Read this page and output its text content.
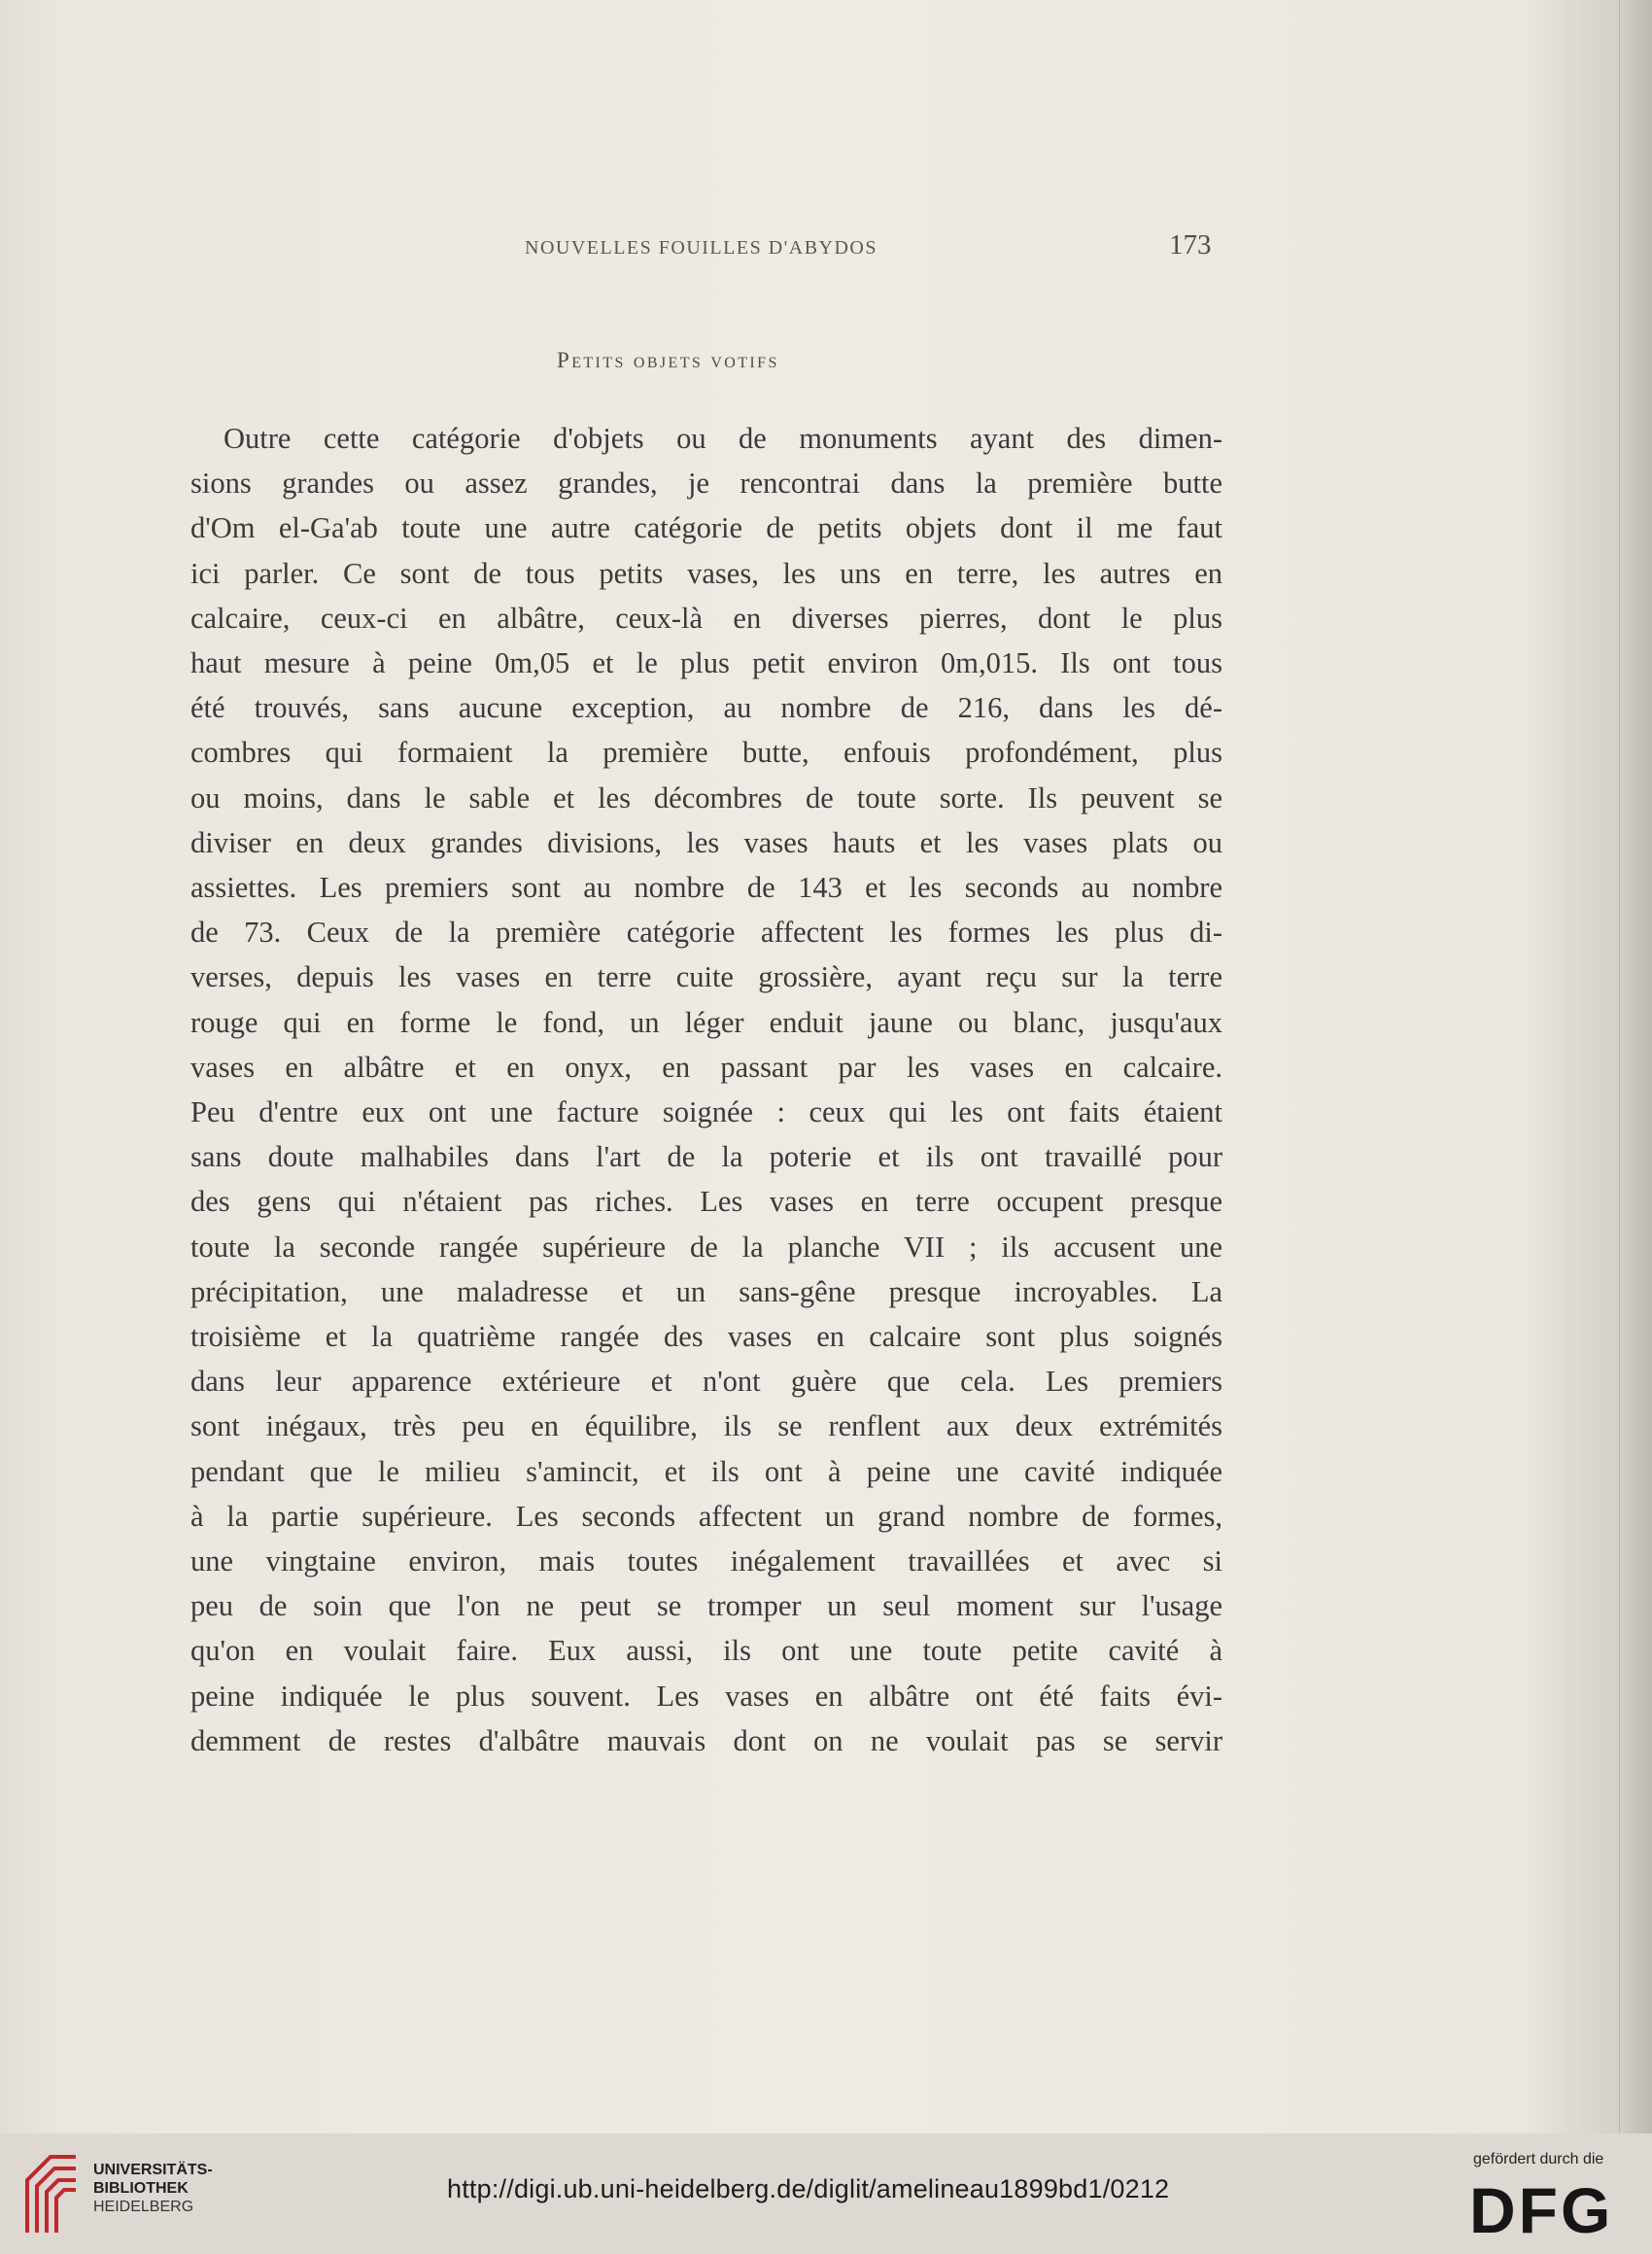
NOUVELLES FOUILLES D'ABYDOS	173
Petits objets votifs
Outre cette catégorie d'objets ou de monuments ayant des dimen-
sions grandes ou assez grandes, je rencontrai dans la première butte
d'Om el-Ga'ab toute une autre catégorie de petits objets dont il me faut
ici parler. Ce sont de tous petits vases, les uns en terre, les autres en
calcaire, ceux-ci en albâtre, ceux-là en diverses pierres, dont le plus
haut mesure à peine 0m,05 et le plus petit environ 0m,015. Ils ont tous
été trouvés, sans aucune exception, au nombre de 216, dans les dé-
combres qui formaient la première butte, enfouis profondément, plus
ou moins, dans le sable et les décombres de toute sorte. Ils peuvent se
diviser en deux grandes divisions, les vases hauts et les vases plats ou
assiettes. Les premiers sont au nombre de 143 et les seconds au nombre
de 73. Ceux de la première catégorie affectent les formes les plus di-
verses, depuis les vases en terre cuite grossière, ayant reçu sur la terre
rouge qui en forme le fond, un léger enduit jaune ou blanc, jusqu'aux
vases en albâtre et en onyx, en passant par les vases en calcaire.
Peu d'entre eux ont une facture soignée : ceux qui les ont faits étaient
sans doute malhabiles dans l'art de la poterie et ils ont travaillé pour
des gens qui n'étaient pas riches. Les vases en terre occupent presque
toute la seconde rangée supérieure de la planche VII ; ils accusent une
précipitation, une maladresse et un sans-gêne presque incroyables. La
troisième et la quatrième rangée des vases en calcaire sont plus soignés
dans leur apparence extérieure et n'ont guère que cela. Les premiers
sont inégaux, très peu en équilibre, ils se renflent aux deux extrémités
pendant que le milieu s'amincit, et ils ont à peine une cavité indiquée
à la partie supérieure. Les seconds affectent un grand nombre de formes,
une vingtaine environ, mais toutes inégalement travaillées et avec si
peu de soin que l'on ne peut se tromper un seul moment sur l'usage
qu'on en voulait faire. Eux aussi, ils ont une toute petite cavité à
peine indiquée le plus souvent. Les vases en albâtre ont été faits évi-
demment de restes d'albâtre mauvais dont on ne voulait pas se servir
UNIVERSITÄTS-
BIBLIOTHEK
HEIDELBERG
http://digi.ub.uni-heidelberg.de/diglit/amelineau1899bd1/0212
gefördert durch die
DFG
